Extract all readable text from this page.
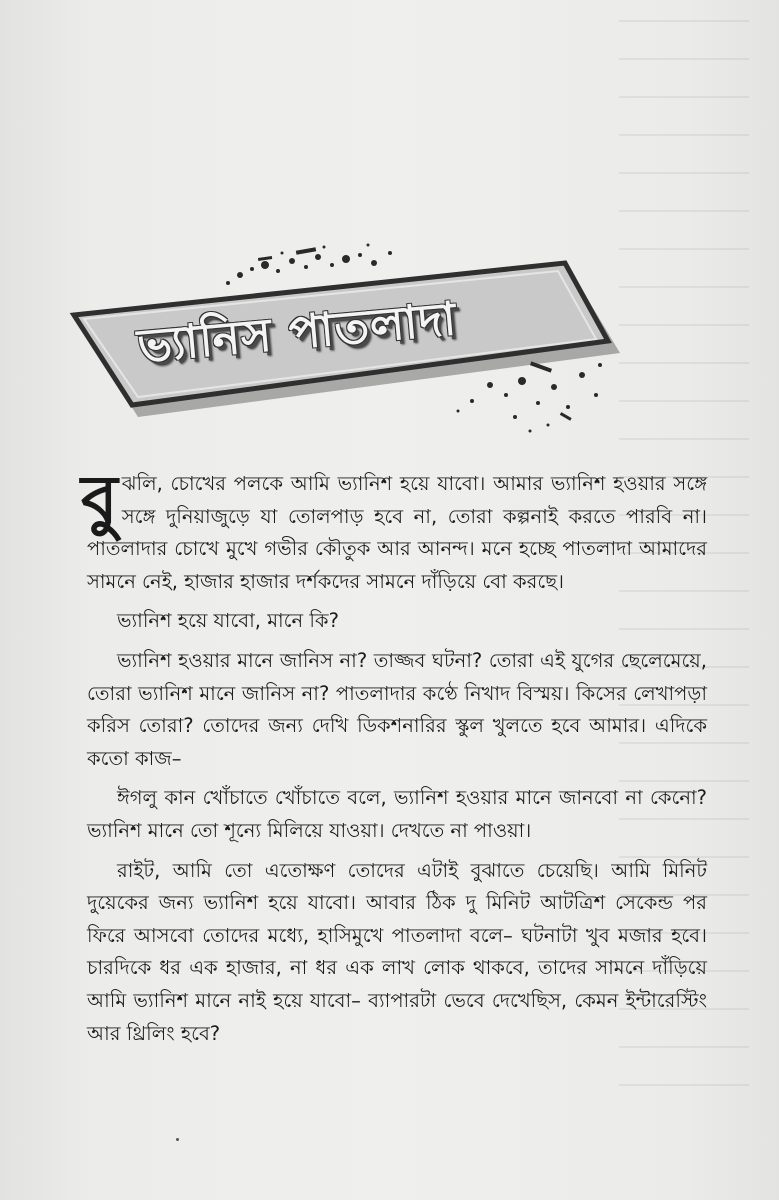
ভ্যানিস পাতলাদা

বুঝলি, চোখের পলকে আমি ভ্যানিশ হয়ে যাবো। আমার ভ্যানিশ হওয়ার সঙ্গে সঙ্গে দুনিয়াজুড়ে যা তোলপাড় হবে না, তোরা কল্পনাই করতে পারবি না। পাতলাদার চোখে মুখে গভীর কৌতুক আর আনন্দ। মনে হচ্ছে পাতলাদা আমাদের সামনে নেই, হাজার হাজার দর্শকদের সামনে দাঁড়িয়ে বো করছে।

ভ্যানিশ হয়ে যাবো, মানে কি?

ভ্যানিশ হওয়ার মানে জানিস না? তাজ্জব ঘটনা? তোরা এই যুগের ছেলেমেয়ে, তোরা ভ্যানিশ মানে জানিস না? পাতলাদার কণ্ঠে নিখাদ বিস্ময়। কিসের লেখাপড়া করিস তোরা? তোদের জন্য দেখি ডিকশনারির স্কুল খুলতে হবে আমার। এদিকে কতো কাজ–

ঈগলু কান খোঁচাতে খোঁচাতে বলে, ভ্যানিশ হওয়ার মানে জানবো না কেনো? ভ্যানিশ মানে তো শূন্যে মিলিয়ে যাওয়া। দেখতে না পাওয়া।

রাইট, আমি তো এতোক্ষণ তোদের এটাই বুঝাতে চেয়েছি। আমি মিনিট দুয়েকের জন্য ভ্যানিশ হয়ে যাবো। আবার ঠিক দু মিনিট আটত্রিশ সেকেন্ড পর ফিরে আসবো তোদের মধ্যে, হাসিমুখে পাতলাদা বলে– ঘটনাটা খুব মজার হবে। চারদিকে ধর এক হাজার, না ধর এক লাখ লোক থাকবে, তাদের সামনে দাঁড়িয়ে আমি ভ্যানিশ মানে নাই হয়ে যাবো– ব্যাপারটা ভেবে দেখেছিস, কেমন ইন্টারেস্টিং আর থ্রিলিং হবে?
